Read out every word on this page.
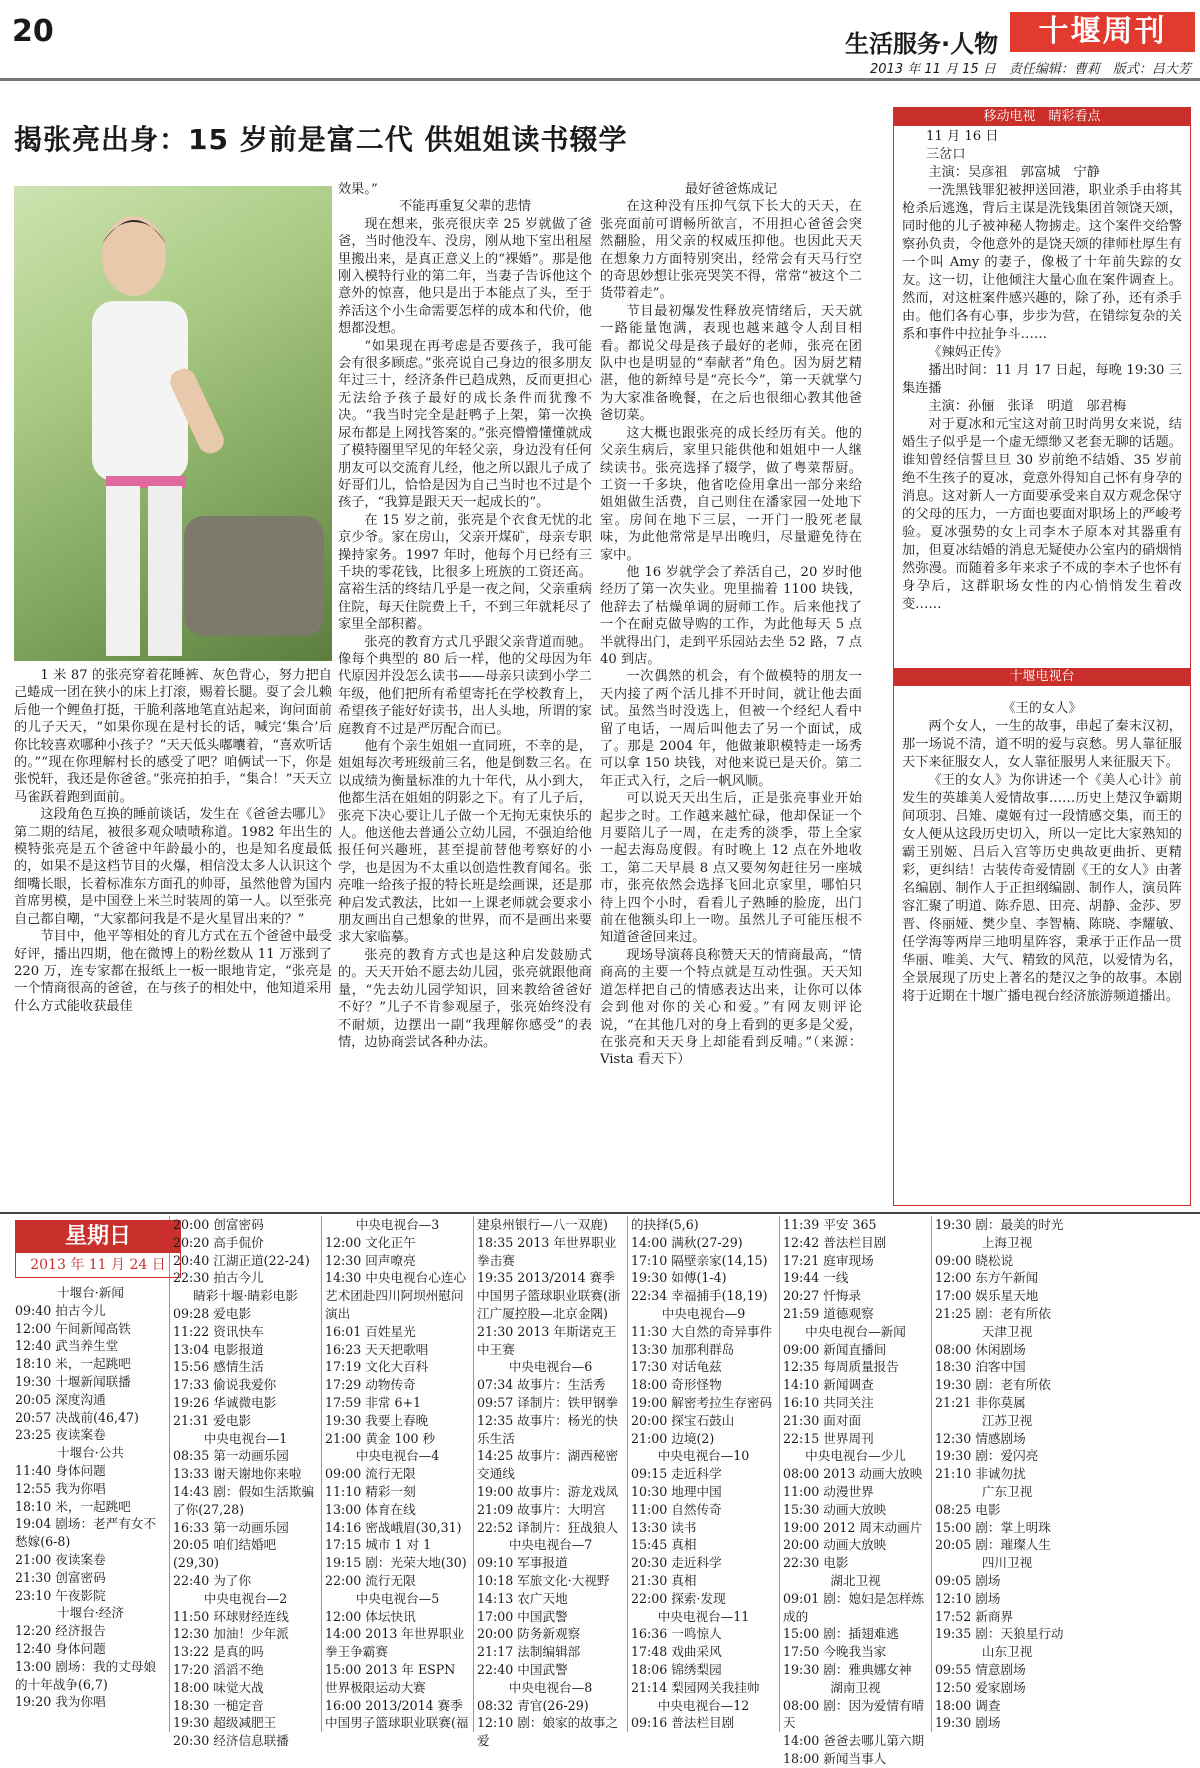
20	生活服务·人物	十堰周刊
2013 年 11 月 15 日　责任编辑：曹莉　版式：吕大芳
揭张亮出身：15 岁前是富二代 供姐姐读书辍学

1 米 87 的张亮穿着花睡裤、灰色背心，努力把自己蜷成一团在狭小的床上打滚，赐着长腿。耍了会儿赖后他一个鲤鱼打挺，干脆利落地笔直站起来，询问面前的儿子天天，“如果你现在是村长的话，喊完‘集合’后你比较喜欢哪种小孩子？”天天低头嘟囔着，“喜欢听话的。”“现在你理解村长的感受了吧？咱俩试一下，你是张悦轩，我还是你爸爸。”张亮拍拍手，“集合！”天天立马雀跃着跑到面前。

这段角色互换的睡前谈话，发生在《爸爸去哪儿》第二期的结尾，被很多观众啧啧称道。1982 年出生的模特张亮是五个爸爸中年龄最小的，也是知名度最低的，如果不是这档节目的火爆，相信没太多人认识这个细嘴长眼，长着标准东方面孔的帅哥，虽然他曾为国内首席男模，是中国登上米兰时装周的第一人。以至张亮自己都自嘲，“大家都问我是不是火星冒出来的？”

节目中，他平等相处的育儿方式在五个爸爸中最受好评，播出四期，他在微博上的粉丝数从 11 万涨到了 220 万，连专家都在报纸上一板一眼地肯定，“张亮是一个情商很高的爸爸，在与孩子的相处中，他知道采用什么方式能收获最佳

效果。”

不能再重复父辈的悲情

现在想来，张亮很庆幸 25 岁就做了爸爸，当时他没车、没房，刚从地下室出租屋里搬出来，是真正意义上的“裸婚”。那是他刚入模特行业的第二年，当妻子告诉他这个意外的惊喜，他只是出于本能点了头，至于养活这个小生命需要怎样的成本和代价，他想都没想。

“如果现在再考虑是否要孩子，我可能会有很多顾虑。”张亮说自己身边的很多朋友年过三十，经济条件已趋成熟，反而更担心无法给予孩子最好的成长条件而犹豫不决。“我当时完全是赶鸭子上架，第一次换尿布都是上网找答案的。”张亮懵懵懂懂就成了模特圈里罕见的年轻父亲，身边没有任何朋友可以交流育儿经，他之所以跟儿子成了好哥们儿，恰恰是因为自己当时也不过是个孩子，“我算是跟天天一起成长的”。

在 15 岁之前，张亮是个衣食无忧的北京少爷。家在房山，父亲开煤矿，母亲专职操持家务。1997 年时，他每个月已经有三千块的零花钱，比很多上班族的工资还高。富裕生活的终结几乎是一夜之间，父亲重病住院，每天住院费上千，不到三年就耗尽了家里全部积蓄。

张亮的教育方式几乎跟父亲背道而驰。像每个典型的 80 后一样，他的父母因为年代原因并没怎么读书——母亲只读到小学二年级，他们把所有希望寄托在学校教育上，希望孩子能好好读书，出人头地，所谓的家庭教育不过是严厉配合而已。

他有个亲生姐姐一直同班，不幸的是，姐姐每次考班级前三名，他是倒数三名。在以成绩为衡量标准的九十年代，从小到大，他都生活在姐姐的阴影之下。有了儿子后，张亮下决心要让儿子做一个无拘无束快乐的人。他送他去普通公立幼儿园，不强迫给他报任何兴趣班，甚至提前替他考察好的小学，也是因为不太重以创造性教育闻名。张亮唯一给孩子报的特长班是绘画课，还是那种启发式教法，比如一上课老师就会要求小朋友画出自己想象的世界，而不是画出来要求大家临摹。

张亮的教育方式也是这种启发鼓励式的。天天开始不愿去幼儿园，张亮就跟他商量，“先去幼儿园学知识，回来教给爸爸好不好？”儿子不肯参观屋子，张亮始终没有不耐烦，边摆出一副“我理解你感受”的表情，边协商尝试各种办法。

最好爸爸炼成记

在这种没有压抑气氛下长大的天天，在张亮面前可谓畅所欲言，不用担心爸爸会突然翻脸，用父亲的权威压抑他。也因此天天在想象力方面特别突出，经常会有天马行空的奇思妙想让张亮哭笑不得，常常“被这个二货带着走”。

节目最初爆发性释放亮情绪后，天天就一路能量饱满，表现也越来越令人刮目相看。都说父母是孩子最好的老师，张亮在团队中也是明显的“奉献者”角色。因为厨艺精湛，他的新绰号是“亮长今”，第一天就掌勺为大家准备晚餐，在之后也很细心教其他爸爸切菜。

这大概也跟张亮的成长经历有关。他的父亲生病后，家里只能供他和姐姐中一人继续读书。张亮选择了辍学，做了粤菜帮厨。工资一千多块，他省吃俭用拿出一部分来给姐姐做生活费，自己则住在潘家园一处地下室。房间在地下三层，一开门一股死老鼠味，为此他常常是早出晚归，尽量避免待在家中。

他 16 岁就学会了养活自己，20 岁时他经历了第一次失业。兜里揣着 1100 块钱，他辞去了枯燥单调的厨师工作。后来他找了一个在耐克做导购的工作，为此他每天 5 点半就得出门，走到平乐园站去坐 52 路，7 点 40 到店。

一次偶然的机会，有个做模特的朋友一天内接了两个活儿排不开时间，就让他去面试。虽然当时没选上，但被一个经纪人看中留了电话，一周后叫他去了另一个面试，成了。那是 2004 年，他做兼职模特走一场秀可以拿 150 块钱，对他来说已是天价。第二年正式入行，之后一帆风顺。

可以说天天出生后，正是张亮事业开始起步之时。工作越来越忙碌，他却保证一个月要陪儿子一周，在走秀的淡季，带上全家一起去海岛度假。有时晚上 12 点在外地收工，第二天早晨 8 点又要匆匆赶往另一座城市，张亮依然会选择飞回北京家里，哪怕只待上四个小时，看看儿子熟睡的脸庞，出门前在他额头印上一吻。虽然儿子可能压根不知道爸爸回来过。

现场导演蒋良称赞天天的情商最高，“情商高的主要一个特点就是互动性强。天天知道怎样把自己的情感表达出来，让你可以体会到他对你的关心和爱。”有网友则评论说，“在其他几对的身上看到的更多是父爱，在张亮和天天身上却能看到反哺。”（来源：Vista 看天下）

移动电视　睛彩看点

11 月 16 日

三岔口

主演：吴彦祖　郭富城　宁静

一洗黑钱罪犯被押送回港，职业杀手由将其枪杀后逃逸，背后主谋是洗钱集团首领饶天颂，同时他的儿子被神秘人物掳走。这个案件交给警察孙负责，令他意外的是饶天颂的律师杜厚生有一个叫 Amy 的妻子，像极了十年前失踪的女友。这一切，让他倾注大量心血在案件调查上。然而，对这桩案件感兴趣的，除了孙，还有杀手由。他们各有心事，步步为营，在错综复杂的关系和事件中拉扯争斗……

《辣妈正传》

播出时间：11 月 17 日起，每晚 19:30 三集连播

主演：孙俪　张译　明道　邬君梅

对于夏冰和元宝这对前卫时尚男女来说，结婚生子似乎是一个虚无缥缈又老套无聊的话题。谁知曾经信誓旦旦 30 岁前绝不结婚、35 岁前绝不生孩子的夏冰，竟意外得知自己怀有身孕的消息。这对新人一方面要承受来自双方观念保守的父母的压力，一方面也要面对职场上的严峻考验。夏冰强势的女上司李木子原本对其器重有加，但夏冰结婚的消息无疑使办公室内的硝烟悄然弥漫。而随着多年来求子不成的李木子也怀有身孕后，这群职场女性的内心悄悄发生着改变……

十堰电视台

《王的女人》

两个女人，一生的故事，串起了秦末汉初，那一场说不清，道不明的爱与哀愁。男人靠征服天下来征服女人，女人靠征服男人来征服天下。

《王的女人》为你讲述一个《美人心计》前发生的英雄美人爱情故事……历史上楚汉争霸期间项羽、吕雉、虞姬有过一段情感交集，而王的女人便从这段历史切入，所以一定比大家熟知的霸王别姬、吕后入宫等历史典故更曲折、更精彩，更纠结！古装传奇爱情剧《王的女人》由著名编剧、制作人于正担纲编剧、制作人，演员阵容汇聚了明道、陈乔恩、田亮、胡静、金莎、罗晋、佟丽娅、樊少皇、李智楠、陈晓、李耀敏、任学海等两岸三地明星阵容，秉承于正作品一贯华丽、唯美、大气、精致的风范，以爱情为名，全景展现了历史上著名的楚汉之争的故事。本剧将于近期在十堰广播电视台经济旅游频道播出。

星期日
2013 年 11 月 24 日
十堰台·新闻
09:40 拍古今儿
12:00 午间新闻高铁
12:40 武当养生堂
18:10 米，一起跳吧
19:30 十堰新闻联播
20:05 深度沟通
20:57 决战前(46,47)
23:25 夜读案卷
十堰台·公共
11:40 身体问题
12:55 我为你唱
18:10 米，一起跳吧
19:04 剧场：老严有女不愁嫁(6-8)
21:00 夜读案卷
21:30 创富密码
23:10 午夜影院
十堰台·经济
12:20 经济报告
12:40 身体问题
13:00 剧场：我的丈母娘的十年战争(6,7)
19:20 我为你唱
20:00 创富密码
20:20 高手侃价
20:40 江湖正道(22-24)
22:30 拍古今儿
睛彩十堰·睛彩电影
09:28 爱电影
11:22 资讯快车
13:04 电影报道
15:56 感情生活
17:33 偷说我爱你
19:26 华诚微电影
21:31 爱电影
中央电视台—1
08:35 第一动画乐园
13:33 谢天谢地你来啦
14:43 剧：假如生活欺骗了你(27,28)
16:33 第一动画乐园
20:05 咱们结婚吧(29,30)
22:40 为了你
中央电视台—2
11:50 环球财经连线
12:30 加油！少年派
13:22 是真的吗
17:20 滔滔不绝
18:00 味觉大战
18:30 一槌定音
19:30 超级减肥王
20:30 经济信息联播
中央电视台—3
12:00 文化正午
12:30 回声嘹亮
14:30 中央电视台心连心艺术团赴四川阿坝州慰问演出
16:01 百姓星光
16:23 天天把歌唱
17:19 文化大百科
17:29 动物传奇
17:59 非常 6+1
19:30 我要上春晚
21:00 黄金 100 秒
中央电视台—4
09:00 流行无限
11:10 精彩一刻
13:00 体育在线
14:16 密战峨眉(30,31)
17:15 城市 1 对 1
19:15 剧：光荣大地(30)
22:00 流行无限
中央电视台—5
12:00 体坛快讯
14:00 2013 年世界职业拳王争霸赛
15:00 2013 年 ESPN 世界极限运动大赛
16:00 2013/2014 赛季中国男子篮球职业联赛(福
建泉州银行—八一双鹿)
18:35 2013 年世界职业拳击赛
19:35 2013/2014 赛季中国男子篮球职业联赛(浙江广厦控股—北京金隅)
21:30 2013 年斯诺克王中王赛
中央电视台—6
07:34 故事片：生活秀
09:57 译制片：铁甲钢拳
12:35 故事片：杨光的快乐生活
14:25 故事片：湖西秘密交通线
19:00 故事片：游龙戏凤
21:09 故事片：大明宫
22:52 译制片：狂战狼人
中央电视台—7
09:10 军事报道
10:18 军旅文化·大视野
14:13 农广天地
17:00 中国武警
20:00 防务新观察
21:17 法制编辑部
22:40 中国武警
中央电视台—8
08:32 青官(26-29)
12:10 剧：娘家的故事之爱
的抉择(5,6)
14:00 满秋(27-29)
17:10 隔壁亲家(14,15)
19:30 如傅(1-4)
22:34 幸福捕手(18,19)
中央电视台—9
11:30 大自然的奇异事件
13:30 加那利群岛
17:30 对话龟兹
18:00 奇形怪物
19:00 解密考拉生存密码
20:00 探宝石鼓山
21:00 边境(2)
中央电视台—10
09:15 走近科学
10:30 地理中国
11:00 自然传奇
13:30 读书
15:45 真相
20:30 走近科学
21:30 真相
22:00 探索·发现
中央电视台—11
16:36 一鸣惊人
17:48 戏曲采风
18:06 锦绣梨园
21:14 梨园网关我挂帅
中央电视台—12
09:16 普法栏目剧
11:39 平安 365
12:42 普法栏目剧
17:21 庭审现场
19:44 一线
20:27 忏悔录
21:59 道德观察
中央电视台—新闻
09:00 新闻直播间
12:35 每周质量报告
14:10 新闻调查
16:10 共同关注
21:30 面对面
22:15 世界周刊
中央电视台—少儿
08:00 2013 动画大放映
11:00 动漫世界
15:30 动画大放映
19:00 2012 周末动画片
20:00 动画大放映
22:30 电影
湖北卫视
09:01 剧：媳妇是怎样炼成的
15:00 剧：插翅难逃
17:50 今晚我当家
19:30 剧：雅典娜女神
湖南卫视
08:00 剧：因为爱情有晴天
14:00 爸爸去哪儿第六期
18:00 新闻当事人
19:30 剧：最美的时光
上海卫视
09:00 晓松说
12:00 东方午新闻
17:00 娱乐星天地
21:25 剧：老有所依
天津卫视
08:00 休闲剧场
18:30 泊客中国
19:30 剧：老有所依
21:21 非你莫属
江苏卫视
12:30 情感剧场
19:30 剧：爱闪亮
21:10 非诚勿扰
广东卫视
08:25 电影
15:00 剧：掌上明珠
20:05 剧：璀璨人生
四川卫视
09:05 剧场
12:10 剧场
17:52 新商界
19:35 剧：天狼星行动
山东卫视
09:55 情意剧场
12:50 爱家剧场
18:00 调查
19:30 剧场
